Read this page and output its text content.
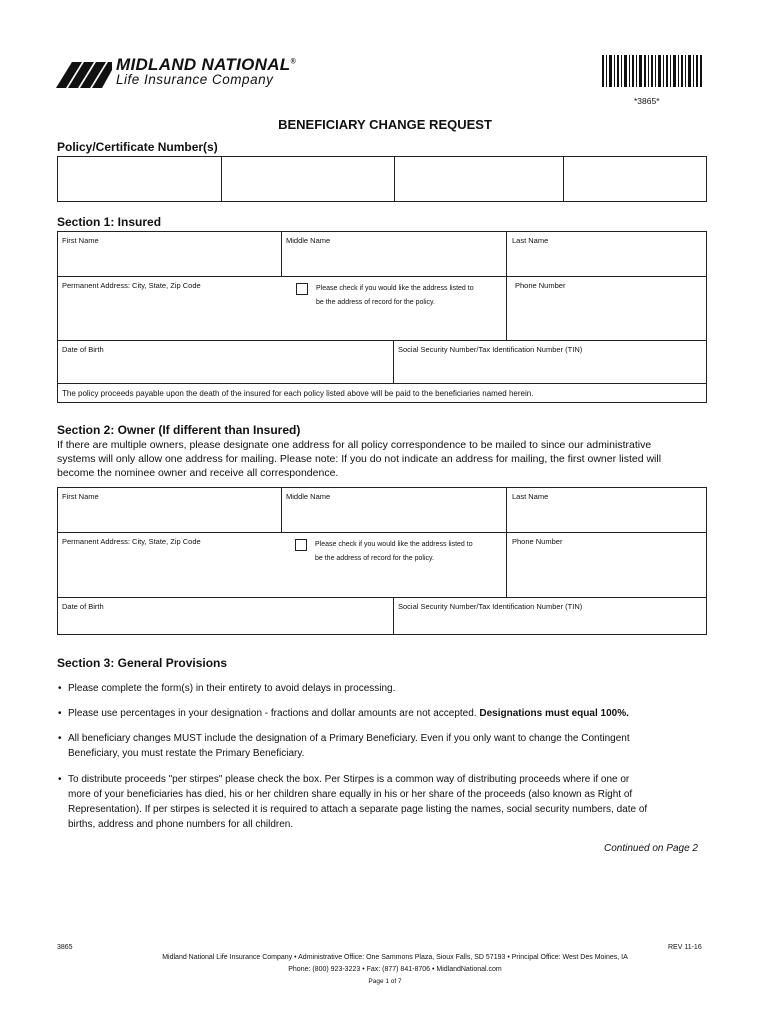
MIDLAND NATIONAL®
Life Insurance Company
*3865*
BENEFICIARY CHANGE REQUEST
Policy/Certificate Number(s)
Section 1: Insured
First Name	Middle Name	Last Name
Permanent Address: City, State, Zip Code	Please check if you would like the address listed to
be the address of record for the policy.
Phone Number
Date of Birth	Social Security Number/Tax Identification Number (TIN)
The policy proceeds payable upon the death of the insured for each policy listed above will be paid to the beneficiaries named herein.
Section 2: Owner (If different than Insured)
If there are multiple owners, please designate one address for all policy correspondence to be mailed to since our administrative
systems will only allow one address for mailing. Please note: If you do not indicate an address for mailing, the first owner listed will
become the nominee owner and receive all correspondence.
First Name	Middle Name	Last Name
Permanent Address: City, State, Zip Code	Please check if you would like the address listed to
be the address of record for the policy.
Phone Number
Date of Birth	Social Security Number/Tax Identification Number (TIN)
Section 3: General Provisions
• Please complete the form(s) in their entirety to avoid delays in processing.
• Please use percentages in your designation - fractions and dollar amounts are not accepted. Designations must equal 100%.
• All beneficiary changes MUST include the designation of a Primary Beneficiary. Even if you only want to change the Contingent
Beneficiary, you must restate the Primary Beneficiary.
• To distribute proceeds "per stirpes" please check the box. Per Stirpes is a common way of distributing proceeds where if one or
more of your beneficiaries has died, his or her children share equally in his or her share of the proceeds (also known as Right of
Representation). If per stirpes is selected it is required to attach a separate page listing the names, social security numbers, date of
births, address and phone numbers for all children.
Continued on Page 2
3865	REV 11-16
Midland National Life Insurance Company • Administrative Office: One Sammons Plaza, Sioux Falls, SD 57193 • Principal Office: West Des Moines, IA
Phone: (800) 923-3223 • Fax: (877) 841-8706 • MidlandNational.com
Page 1 of 7
